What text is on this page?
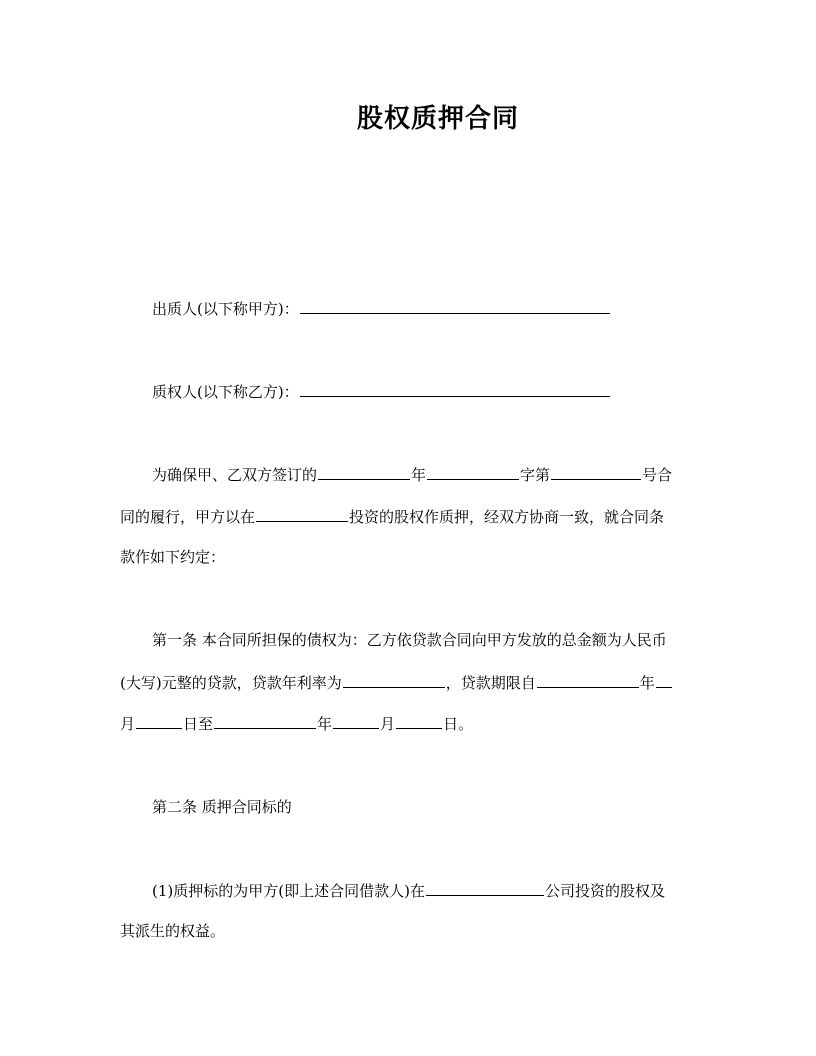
股权质押合同
出质人(以下称甲方)：
质权人(以下称乙方)：
为确保甲、乙双方签订的	年	字第	号合
同的履行，甲方以在	投资的股权作质押，经双方协商一致，就合同条
款作如下约定：
第一条 本合同所担保的债权为：乙方依贷款合同向甲方发放的总金额为人民币
(大写)元整的贷款，贷款年利率为	，贷款期限自	年
月	日至	年	月	日。
第二条 质押合同标的
(1)质押标的为甲方(即上述合同借款人)在	公司投资的股权及
其派生的权益。
